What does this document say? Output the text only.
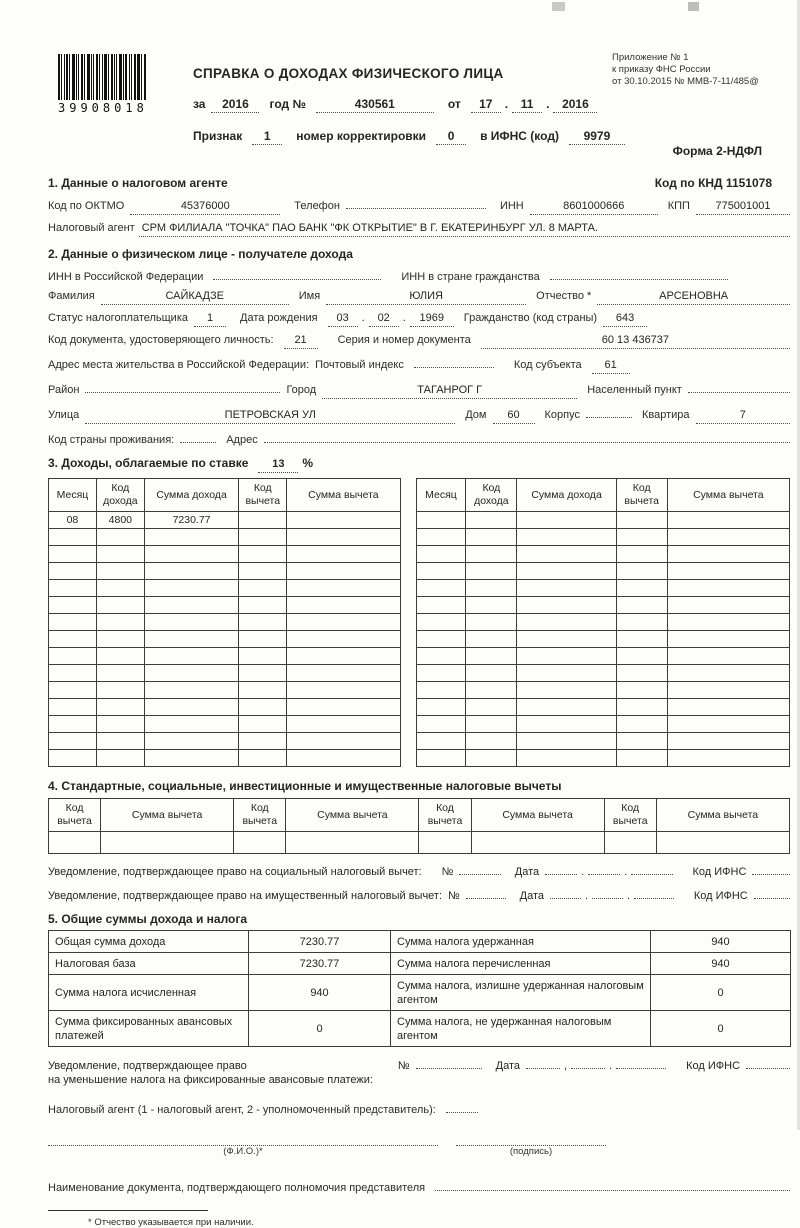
39908018
Приложение № 1
к приказу ФНС России
от 30.10.2015 № ММВ-7-11/485@
СПРАВКА О ДОХОДАХ ФИЗИЧЕСКОГО ЛИЦА
за	2016	год №	430561	от	17	.	11	.	2016
Признак	1	номер корректировки	0	в ИФНС (код)	9979
Форма 2-НДФЛ
1. Данные о налоговом агенте	Код по КНД 1151078
Код по ОКТМО	45376000	Телефон	ИНН	8601000666	КПП	775001001
Налоговый агент СРМ ФИЛИАЛА "ТОЧКА" ПАО БАНК "ФК ОТКРЫТИЕ" В Г. ЕКАТЕРИНБУРГ УЛ. 8 МАРТА.
2. Данные о физическом лице - получателе дохода
ИНН в Российской Федерации	ИНН в стране гражданства
Фамилия	САЙКАДЗЕ	Имя	ЮЛИЯ	Отчество *	АРСЕНОВНА
Статус налогоплательщика	1	Дата рождения	03	.	02	.	1969	Гражданство (код страны)	643
Код документа, удостоверяющего личность:	21	Серия и номер документа	60 13 436737
Адрес места жительства в Российской Федерации: Почтовый индекс	Код субъекта	61
Район	Город	ТАГАНРОГ Г	Населенный пункт
Улица	ПЕТРОВСКАЯ УЛ	Дом	60	Корпус	Квартира	7
Код страны проживания:	Адрес
3. Доходы, облагаемые по ставке	13	%
Месяц	Код дохода	Сумма дохода	Код вычета	Сумма вычета
08	4800	7230.77		

Месяц	Код дохода	Сумма дохода	Код вычета	Сумма вычета

4. Стандартные, социальные, инвестиционные и имущественные налоговые вычеты
Код вычета	Сумма вычета	Код вычета	Сумма вычета	Код вычета	Сумма вычета	Код вычета	Сумма вычета

Уведомление, подтверждающее право на социальный налоговый вычет: №	Дата	.	.	Код ИФНС
Уведомление, подтверждающее право на имущественный налоговый вычет: №	Дата	.	.	Код ИФНС
5. Общие суммы дохода и налога
Общая сумма дохода	7230.77	Сумма налога удержанная	940
Налоговая база	7230.77	Сумма налога перечисленная	940
Сумма налога исчисленная	940	Сумма налога, излишне удержанная налоговым агентом	0
Сумма фиксированных авансовых платежей	0	Сумма налога, не удержанная налоговым агентом	0
Уведомление, подтверждающее право
на уменьшение налога на фиксированные авансовые платежи:
№	Дата	,	.	Код ИФНС
Налоговый агент (1 - налоговый агент, 2 - уполномоченный представитель):
(Ф.И.О.)*	(подпись)
Наименование документа, подтверждающего полномочия представителя
* Отчество указывается при наличии.
